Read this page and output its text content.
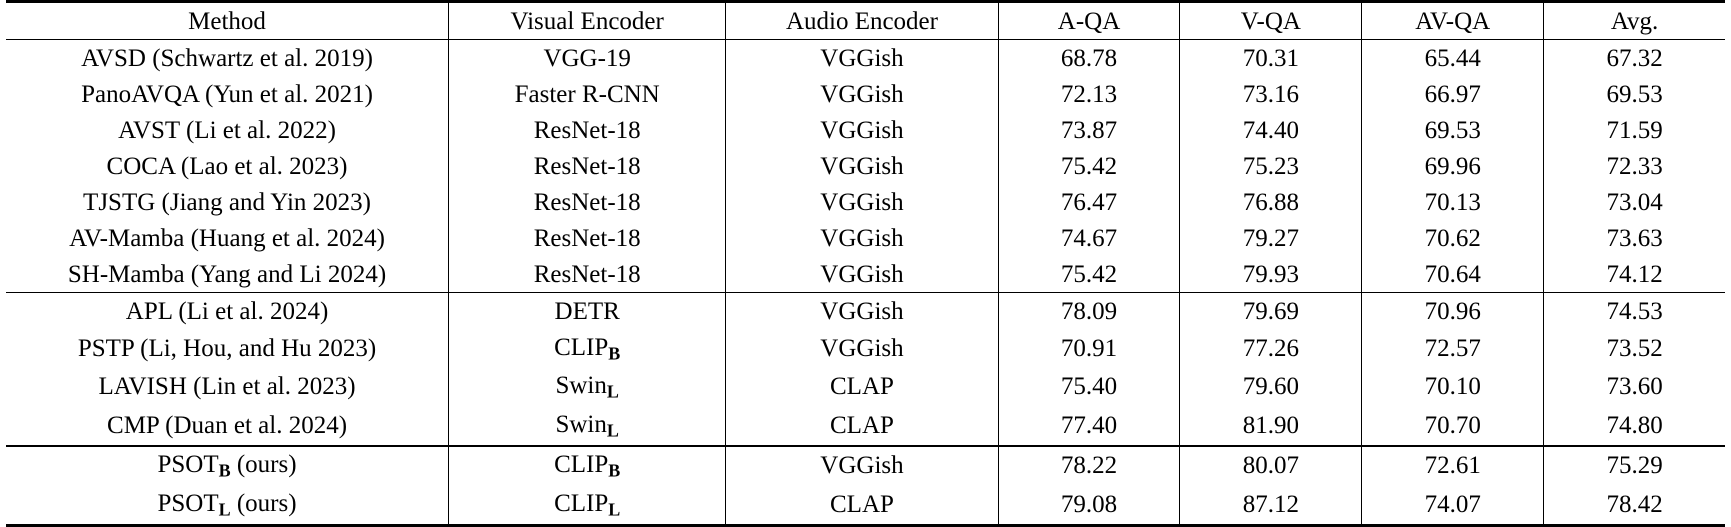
Method	Visual Encoder	Audio Encoder	A-QA	V-QA	AV-QA	Avg.
AVSD (Schwartz et al. 2019)	VGG-19	VGGish	68.78	70.31	65.44	67.32
PanoAVQA (Yun et al. 2021)	Faster R-CNN	VGGish	72.13	73.16	66.97	69.53
AVST (Li et al. 2022)	ResNet-18	VGGish	73.87	74.40	69.53	71.59
COCA (Lao et al. 2023)	ResNet-18	VGGish	75.42	75.23	69.96	72.33
TJSTG (Jiang and Yin 2023)	ResNet-18	VGGish	76.47	76.88	70.13	73.04
AV-Mamba (Huang et al. 2024)	ResNet-18	VGGish	74.67	79.27	70.62	73.63
SH-Mamba (Yang and Li 2024)	ResNet-18	VGGish	75.42	79.93	70.64	74.12
APL (Li et al. 2024)	DETR	VGGish	78.09	79.69	70.96	74.53
PSTP (Li, Hou, and Hu 2023)	$CLIP_B$	VGGish	70.91	77.26	72.57	73.52
LAVISH (Lin et al. 2023)	Swin$_L$	CLAP	75.40	79.60	70.10	73.60
CMP (Duan et al. 2024)	Swin$_L$	CLAP	77.40	81.90	70.70	74.80
$PSOT_B$ (ours)	$CLIP_B$	VGGish	78.22	80.07	72.61	75.29
$PSOT_L$ (ours)	$CLIP_L$	CLAP	79.08	87.12	74.07	78.42
